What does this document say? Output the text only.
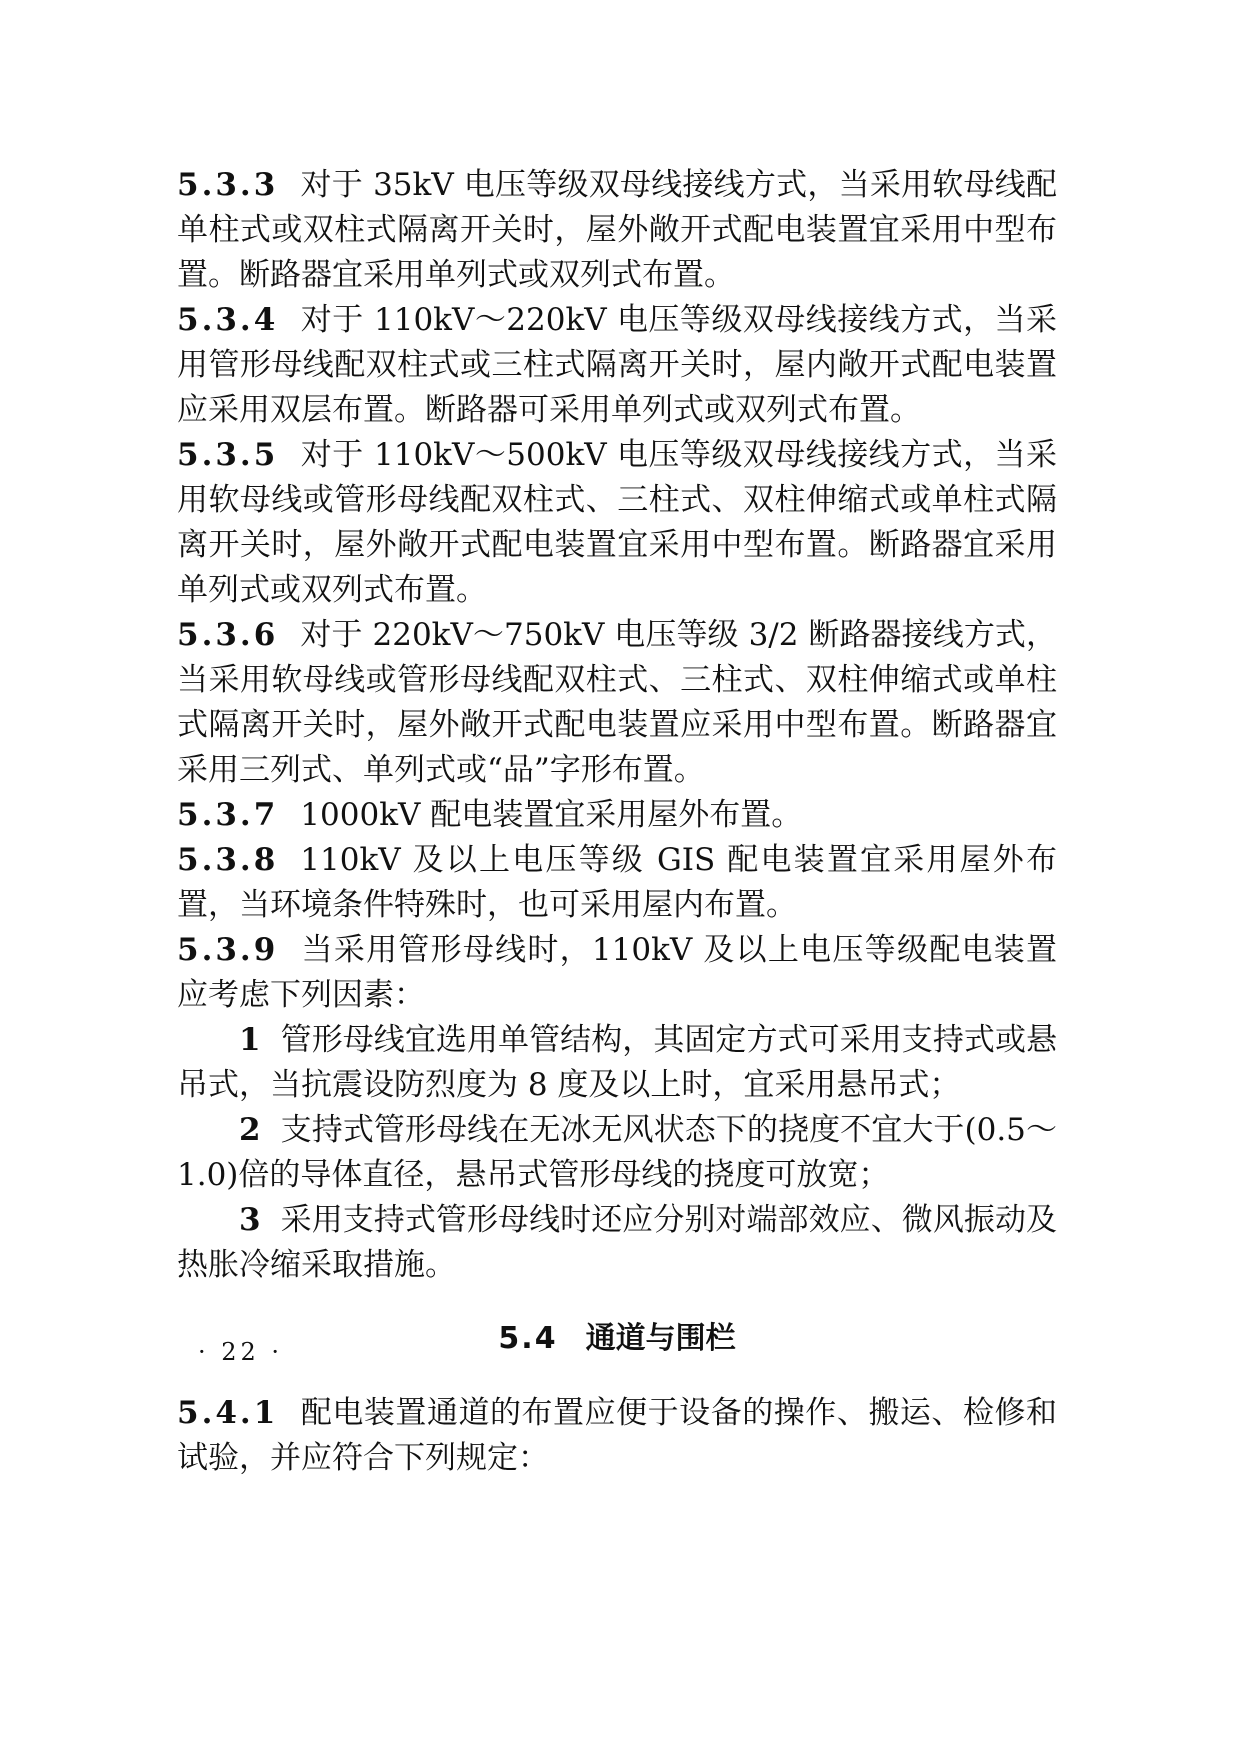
5.3.3 对于 35kV 电压等级双母线接线方式，当采用软母线配单柱式或双柱式隔离开关时，屋外敞开式配电装置宜采用中型布置。断路器宜采用单列式或双列式布置。

5.3.4 对于 110kV～220kV 电压等级双母线接线方式，当采用管形母线配双柱式或三柱式隔离开关时，屋内敞开式配电装置应采用双层布置。断路器可采用单列式或双列式布置。

5.3.5 对于 110kV～500kV 电压等级双母线接线方式，当采用软母线或管形母线配双柱式、三柱式、双柱伸缩式或单柱式隔离开关时，屋外敞开式配电装置宜采用中型布置。断路器宜采用单列式或双列式布置。

5.3.6 对于 220kV～750kV 电压等级 3/2 断路器接线方式，当采用软母线或管形母线配双柱式、三柱式、双柱伸缩式或单柱式隔离开关时，屋外敞开式配电装置应采用中型布置。断路器宜采用三列式、单列式或“品”字形布置。

5.3.7 1000kV 配电装置宜采用屋外布置。

5.3.8 110kV 及以上电压等级 GIS 配电装置宜采用屋外布置，当环境条件特殊时，也可采用屋内布置。

5.3.9 当采用管形母线时，110kV 及以上电压等级配电装置应考虑下列因素：

1 管形母线宜选用单管结构，其固定方式可采用支持式或悬吊式，当抗震设防烈度为 8 度及以上时，宜采用悬吊式；

2 支持式管形母线在无冰无风状态下的挠度不宜大于(0.5～1.0)倍的导体直径，悬吊式管形母线的挠度可放宽；

3 采用支持式管形母线时还应分别对端部效应、微风振动及热胀冷缩采取措施。

5.4 通道与围栏

5.4.1 配电装置通道的布置应便于设备的操作、搬运、检修和试验，并应符合下列规定：

· 22 ·
